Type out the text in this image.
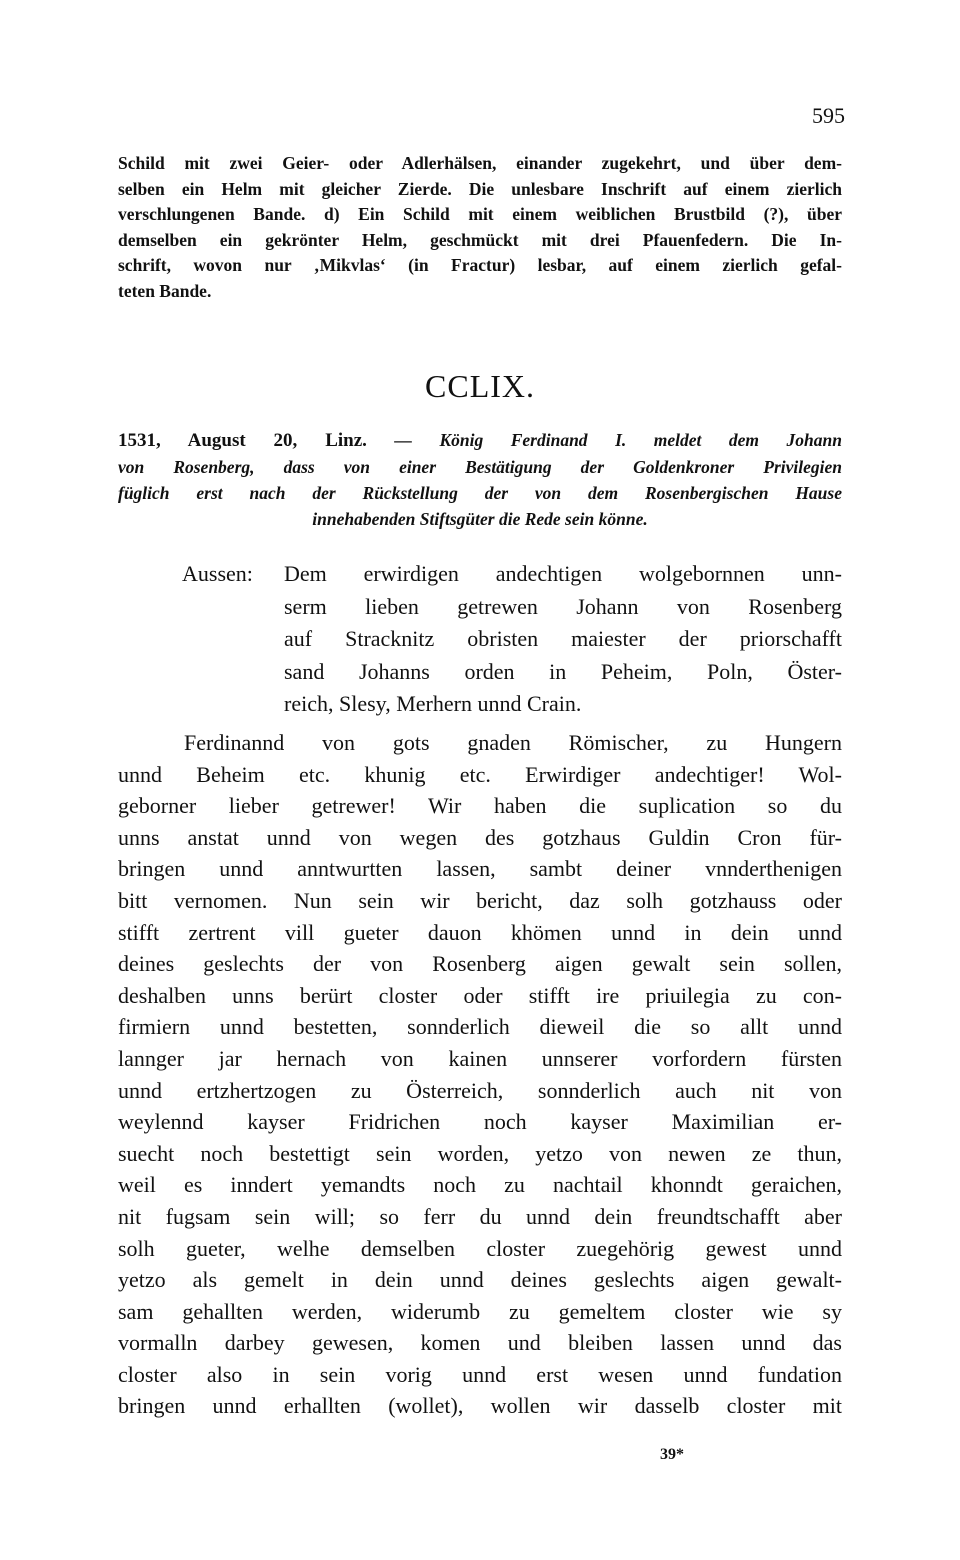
595
Schild mit zwei Geier- oder Adlerhälsen, einander zugekehrt, und über dem-
selben ein Helm mit gleicher Zierde. Die unlesbare Inschrift auf einem zierlich
verschlungenen Bande. d) Ein Schild mit einem weiblichen Brustbild (?), über
demselben ein gekrönter Helm, geschmückt mit drei Pfauenfedern. Die In-
schrift, wovon nur ‚Mikvlas‘ (in Fractur) lesbar, auf einem zierlich gefal-
teten Bande.
CCLIX.
1531, August 20, Linz. — König Ferdinand I. meldet dem Johann
von Rosenberg, dass von einer Bestätigung der Goldenkroner Privilegien
füglich erst nach der Rückstellung der von dem Rosenbergischen Hause
innehabenden Stiftsgüter die Rede sein könne.
Aussen: Dem erwirdigen andechtigen wolgebornnen unn-
serm lieben getrewen Johann von Rosenberg
auf Stracknitz obristen maiester der priorschafft
sand Johanns orden in Peheim, Poln, Öster-
reich, Slesy, Merhern unnd Crain.
Ferdinannd von gots gnaden Römischer, zu Hungern
unnd Beheim etc. khunig etc. Erwirdiger andechtiger! Wol-
geborner lieber getrewer! Wir haben die suplication so du
unns anstat unnd von wegen des gotzhaus Guldin Cron für-
bringen unnd anntwurtten lassen, sambt deiner vnnderthenigen
bitt vernomen. Nun sein wir bericht, daz solh gotzhauss oder
stifft zertrent vill gueter dauon khömen unnd in dein unnd
deines geslechts der von Rosenberg aigen gewalt sein sollen,
deshalben unns berürt closter oder stifft ire priuilegia zu con-
firmiern unnd bestetten, sonnderlich dieweil die so allt unnd
lannger jar hernach von kainen unnserer vorfordern fürsten
unnd ertzhertzogen zu Österreich, sonnderlich auch nit von
weylennd kayser Fridrichen noch kayser Maximilian er-
suecht noch bestettigt sein worden, yetzo von newen ze thun,
weil es inndert yemandts noch zu nachtail khonndt geraichen,
nit fugsam sein will; so ferr du unnd dein freundtschafft aber
solh gueter, welhe demselben closter zuegehörig gewest unnd
yetzo als gemelt in dein unnd deines geslechts aigen gewalt-
sam gehallten werden, widerumb zu gemeltem closter wie sy
vormalln darbey gewesen, komen und bleiben lassen unnd das
closter also in sein vorig unnd erst wesen unnd fundation
bringen unnd erhallten (wollet), wollen wir dasselb closter mit
39*
